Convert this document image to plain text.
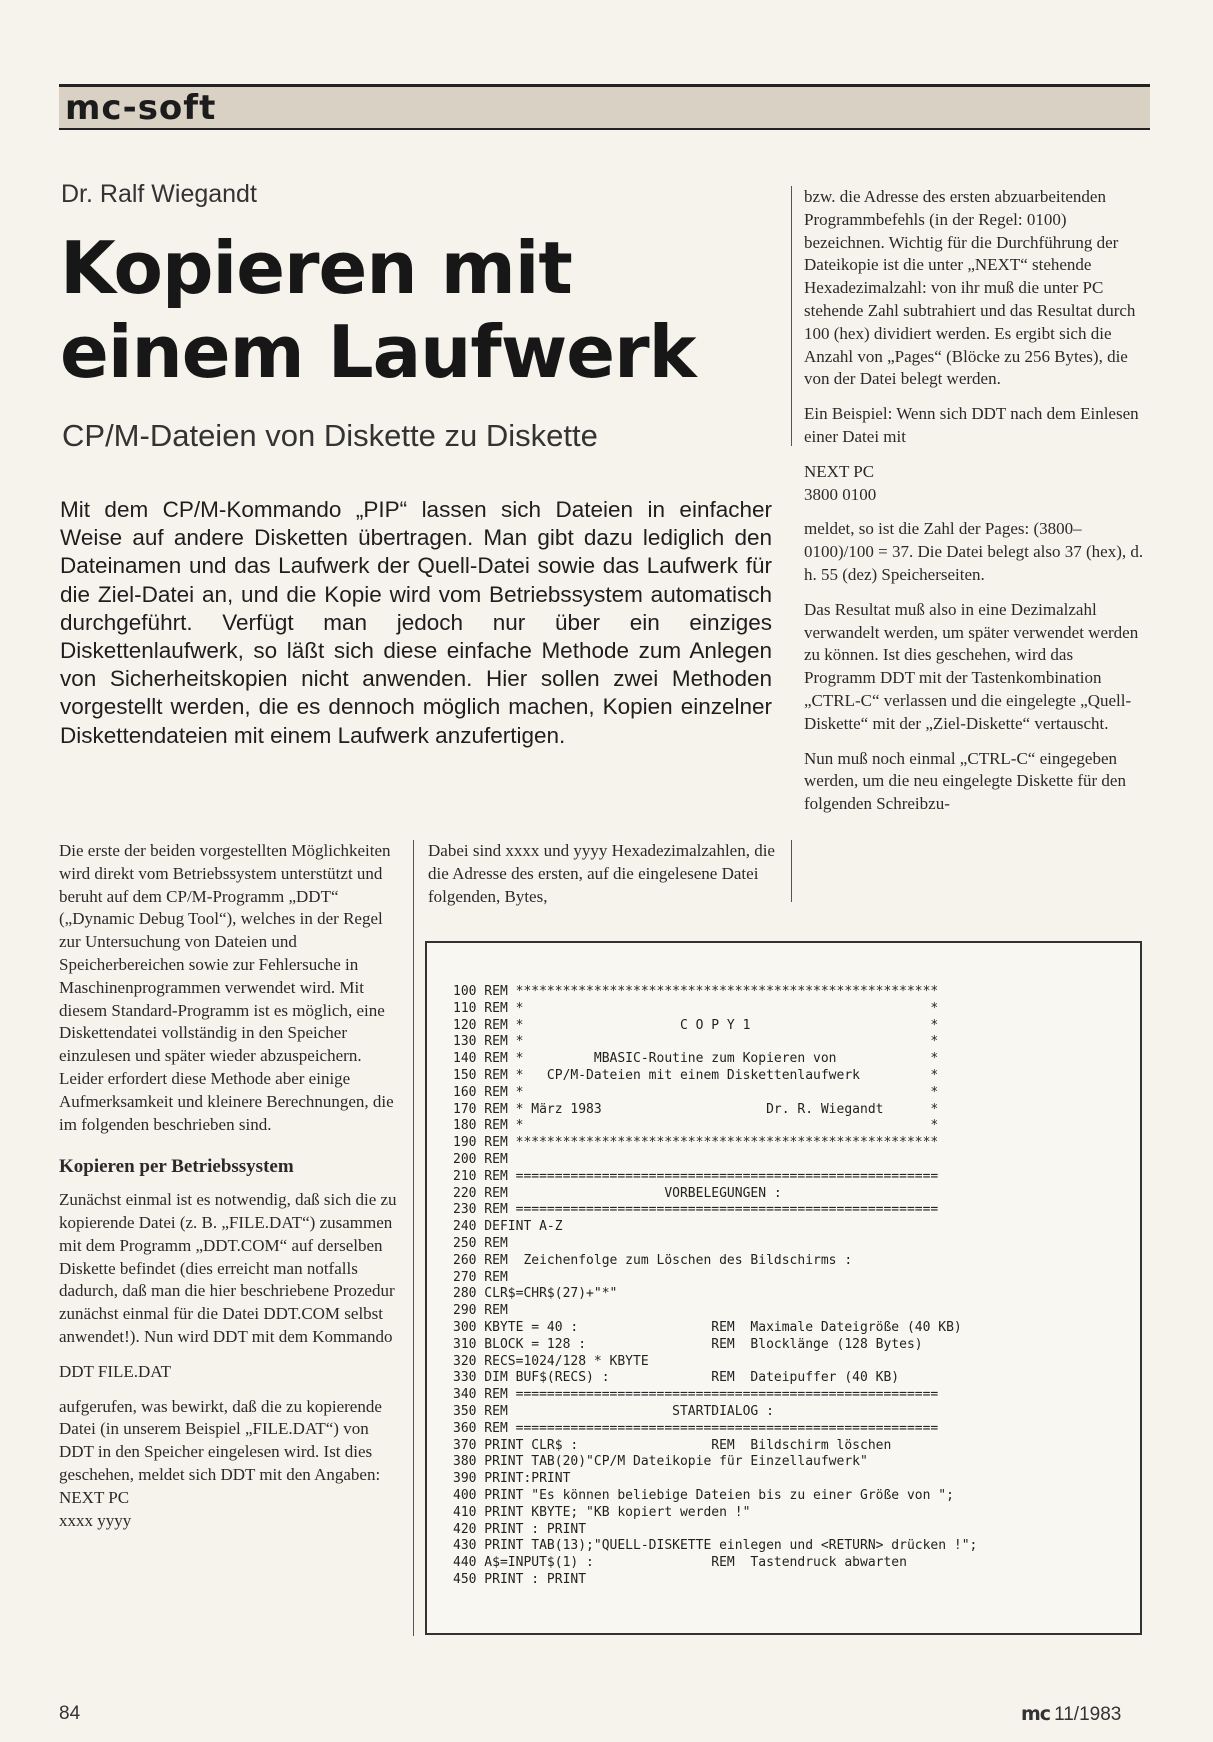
mc-soft
Dr. Ralf Wiegandt
Kopieren mit
einem Laufwerk
CP/M-Dateien von Diskette zu Diskette

Mit dem CP/M-Kommando „PIP“ lassen sich Dateien in einfacher Weise auf andere Disketten übertragen. Man gibt dazu lediglich den Dateinamen und das Laufwerk der Quell-Datei sowie das Laufwerk für die Ziel-Datei an, und die Kopie wird vom Betriebssystem automatisch durchgeführt. Verfügt man jedoch nur über ein einziges Diskettenlaufwerk, so läßt sich diese einfache Methode zum Anlegen von Sicherheitskopien nicht anwenden. Hier sollen zwei Methoden vorgestellt werden, die es dennoch möglich machen, Kopien einzelner Diskettendateien mit einem Laufwerk anzufertigen.

bzw. die Adresse des ersten abzuarbeitenden Programmbefehls (in der Regel: 0100) bezeichnen. Wichtig für die Durchführung der Dateikopie ist die unter „NEXT“ stehende Hexadezimalzahl: von ihr muß die unter PC stehende Zahl subtrahiert und das Resultat durch 100 (hex) dividiert werden. Es ergibt sich die Anzahl von „Pages“ (Blöcke zu 256 Bytes), die von der Datei belegt werden.

Ein Beispiel: Wenn sich DDT nach dem Einlesen einer Datei mit

NEXT PC

3800 0100

meldet, so ist die Zahl der Pages: (3800–0100)/100 = 37. Die Datei belegt also 37 (hex), d. h. 55 (dez) Speicherseiten.

Das Resultat muß also in eine Dezimalzahl verwandelt werden, um später verwendet werden zu können. Ist dies geschehen, wird das Programm DDT mit der Tastenkombination „CTRL-C“ verlassen und die eingelegte „Quell-Diskette“ mit der „Ziel-Diskette“ vertauscht.

Nun muß noch einmal „CTRL-C“ eingegeben werden, um die neu eingelegte Diskette für den folgenden Schreibzu-

Die erste der beiden vorgestellten Möglichkeiten wird direkt vom Betriebssystem unterstützt und beruht auf dem CP/M-Programm „DDT“ („Dynamic Debug Tool“), welches in der Regel zur Untersuchung von Dateien und Speicherbereichen sowie zur Fehlersuche in Maschinenprogrammen verwendet wird. Mit diesem Standard-Programm ist es möglich, eine Diskettendatei vollständig in den Speicher einzulesen und später wieder abzuspeichern. Leider erfordert diese Methode aber einige Aufmerksamkeit und kleinere Berechnungen, die im folgenden beschrieben sind.

Kopieren per Betriebssystem

Zunächst einmal ist es notwendig, daß sich die zu kopierende Datei (z. B. „FILE.DAT“) zusammen mit dem Programm „DDT.COM“ auf derselben Diskette befindet (dies erreicht man notfalls dadurch, daß man die hier beschriebene Prozedur zunächst einmal für die Datei DDT.COM selbst anwendet!). Nun wird DDT mit dem Kommando

DDT FILE.DAT

aufgerufen, was bewirkt, daß die zu kopierende Datei (in unserem Beispiel „FILE.DAT“) von DDT in den Speicher eingelesen wird. Ist dies geschehen, meldet sich DDT mit den Angaben:

NEXT PC
xxxx yyyy

Dabei sind xxxx und yyyy Hexadezimalzahlen, die die Adresse des ersten, auf die eingelesene Datei folgenden, Bytes,

100 REM ******************************************************
110 REM *                                                    *
120 REM *                    C O P Y 1                       *
130 REM *                                                    *
140 REM *         MBASIC-Routine zum Kopieren von            *
150 REM *   CP/M-Dateien mit einem Diskettenlaufwerk         *
160 REM *                                                    *
170 REM * März 1983                     Dr. R. Wiegandt      *
180 REM *                                                    *
190 REM ******************************************************
200 REM
210 REM ======================================================
220 REM                    VORBELEGUNGEN :
230 REM ======================================================
240 DEFINT A-Z
250 REM
260 REM  Zeichenfolge zum Löschen des Bildschirms :
270 REM
280 CLR$=CHR$(27)+"*"
290 REM
300 KBYTE = 40 :                 REM  Maximale Dateigröße (40 KB)
310 BLOCK = 128 :                REM  Blocklänge (128 Bytes)
320 RECS=1024/128 * KBYTE
330 DIM BUF$(RECS) :             REM  Dateipuffer (40 KB)
340 REM ======================================================
350 REM                     STARTDIALOG :
360 REM ======================================================
370 PRINT CLR$ :                 REM  Bildschirm löschen
380 PRINT TAB(20)"CP/M Dateikopie für Einzellaufwerk"
390 PRINT:PRINT
400 PRINT "Es können beliebige Dateien bis zu einer Größe von ";
410 PRINT KBYTE; "KB kopiert werden !"
420 PRINT : PRINT
430 PRINT TAB(13);"QUELL-DISKETTE einlegen und <RETURN> drücken !";
440 A$=INPUT$(1) :               REM  Tastendruck abwarten
450 PRINT : PRINT
84	mc 11/1983
